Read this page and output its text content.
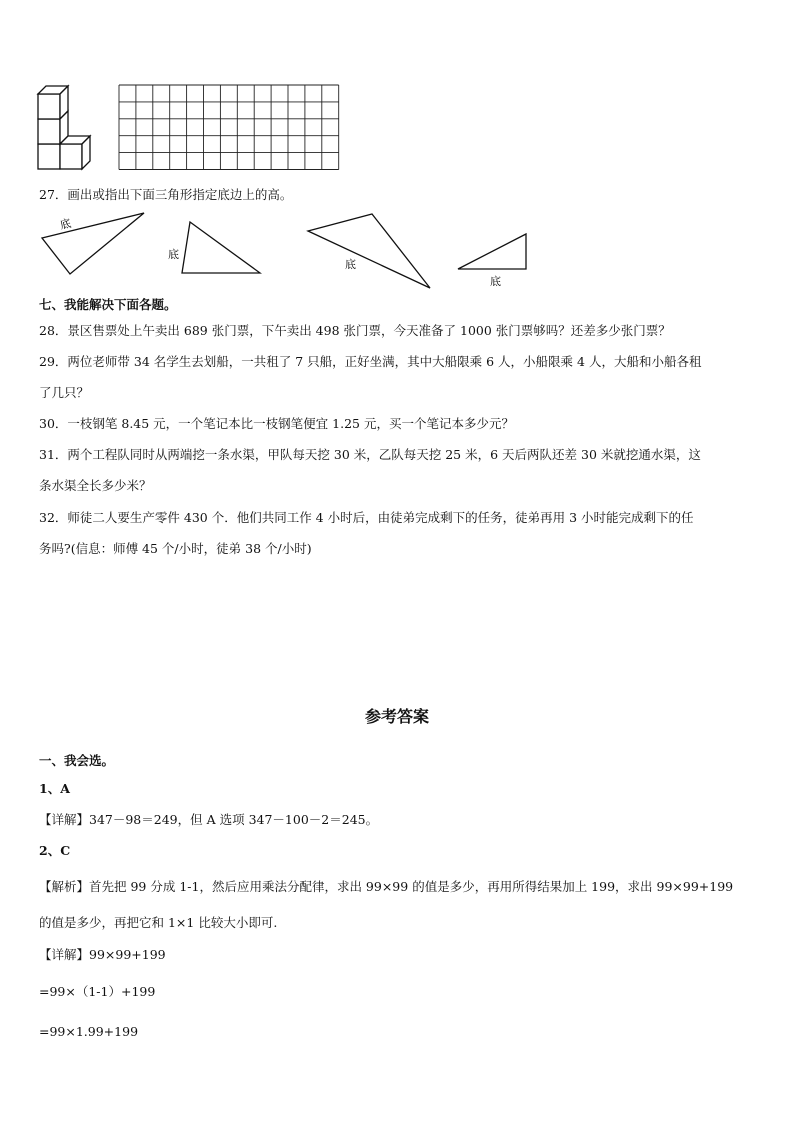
27．画出或指出下面三角形指定底边上的高。
底
底
底
底
七、我能解决下面各题。
28．景区售票处上午卖出 689 张门票，下午卖出 498 张门票，今天准备了 1000 张门票够吗？还差多少张门票？
29．两位老师带 34 名学生去划船，一共租了 7 只船，正好坐满，其中大船限乘 6 人，小船限乘 4 人，大船和小船各租
了几只？
30．一枝钢笔 8.45 元，一个笔记本比一枝钢笔便宜 1.25 元，买一个笔记本多少元？
31．两个工程队同时从两端挖一条水渠，甲队每天挖 30 米，乙队每天挖 25 米，6 天后两队还差 30 米就挖通水渠，这
条水渠全长多少米？
32．师徒二人要生产零件 430 个．他们共同工作 4 小时后，由徒弟完成剩下的任务，徒弟再用 3 小时能完成剩下的任
务吗?(信息：师傅 45 个/小时，徒弟 38 个/小时)
参考答案
一、我会选。
1、A
【详解】347－98＝249，但 A 选项 347－100－2＝245。
2、C
【解析】首先把 99 分成 1-1，然后应用乘法分配律，求出 99×99 的值是多少，再用所得结果加上 199，求出 99×99+199
的值是多少，再把它和 1×1 比较大小即可.
【详解】99×99+199
=99×（1-1）+199
=99×1.99+199
